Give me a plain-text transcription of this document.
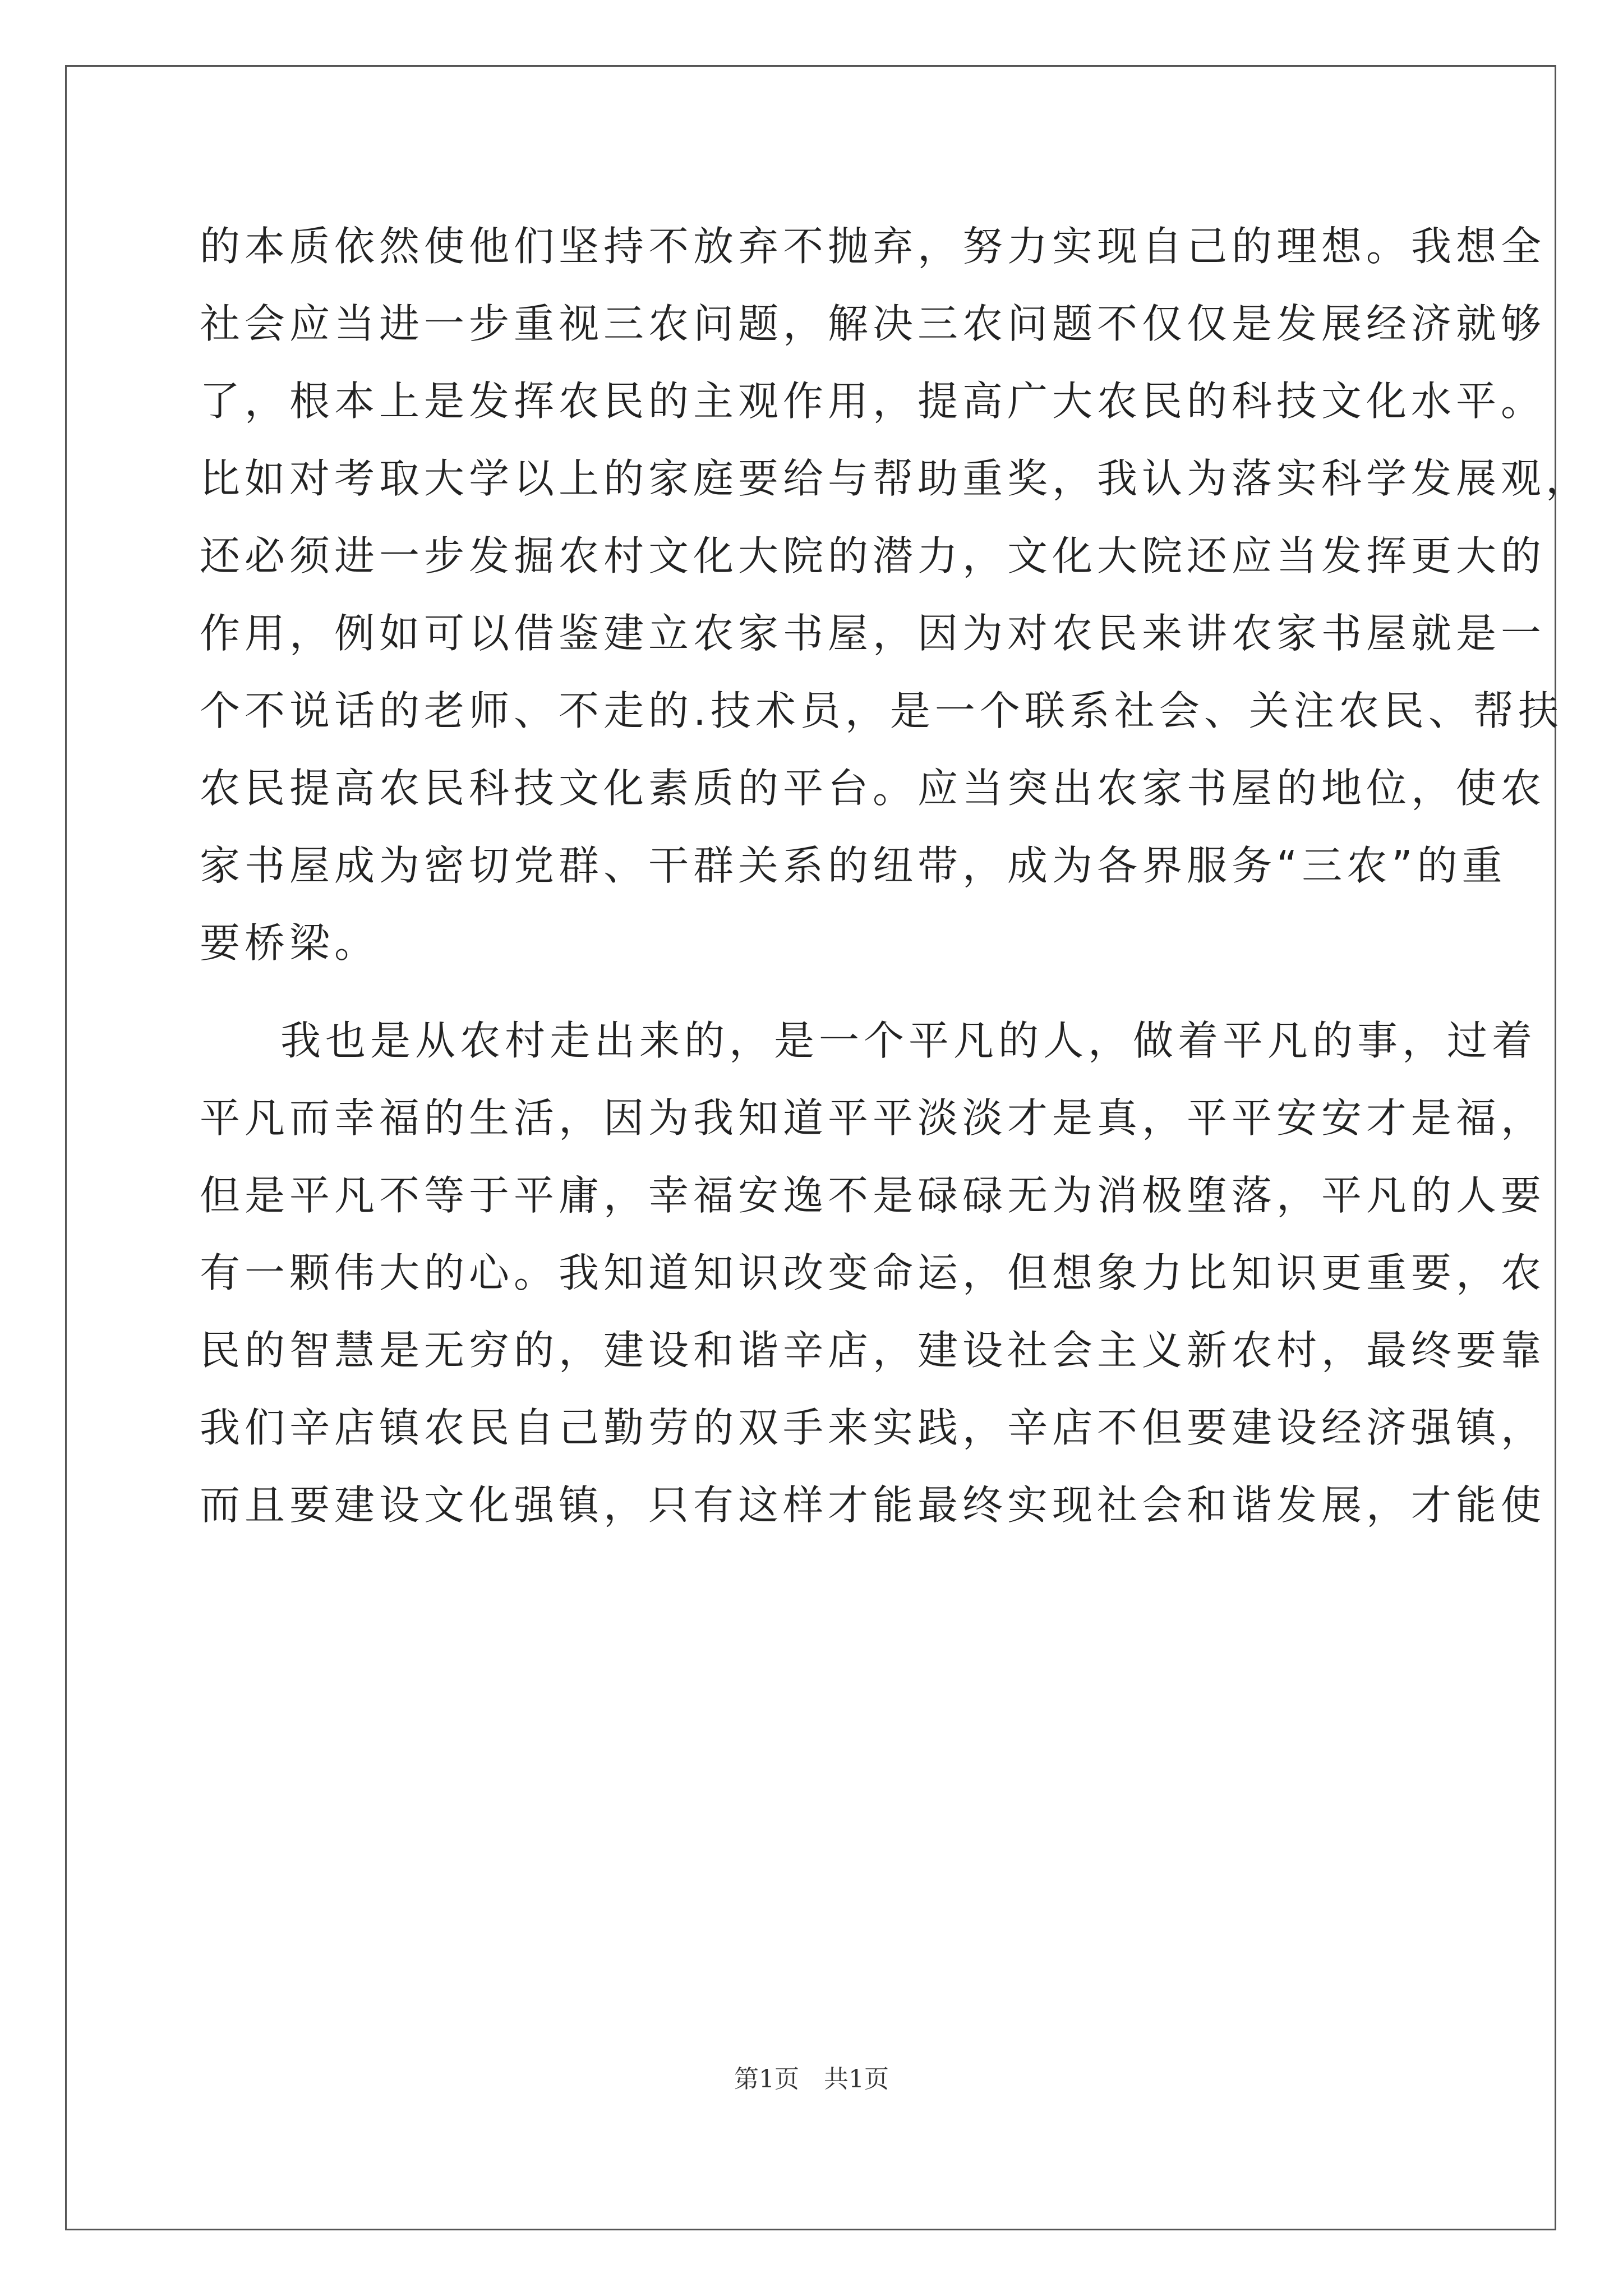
的本质依然使他们坚持不放弃不抛弃，努力实现自己的理想。我想全
社会应当进一步重视三农问题，解决三农问题不仅仅是发展经济就够
了，根本上是发挥农民的主观作用，提高广大农民的科技文化水平。
比如对考取大学以上的家庭要给与帮助重奖，我认为落实科学发展观，
还必须进一步发掘农村文化大院的潜力，文化大院还应当发挥更大的
作用，例如可以借鉴建立农家书屋，因为对农民来讲农家书屋就是一
个不说话的老师、不走的.技术员，是一个联系社会、关注农民、帮扶
农民提高农民科技文化素质的平台。应当突出农家书屋的地位，使农
家书屋成为密切党群、干群关系的纽带，成为各界服务“三农”的重
要桥梁。
我也是从农村走出来的，是一个平凡的人，做着平凡的事，过着
平凡而幸福的生活，因为我知道平平淡淡才是真，平平安安才是福，
但是平凡不等于平庸，幸福安逸不是碌碌无为消极堕落，平凡的人要
有一颗伟大的心。我知道知识改变命运，但想象力比知识更重要，农
民的智慧是无穷的，建设和谐辛店，建设社会主义新农村，最终要靠
我们辛店镇农民自己勤劳的双手来实践，辛店不但要建设经济强镇，
而且要建设文化强镇，只有这样才能最终实现社会和谐发展，才能使
第1页　共1页
